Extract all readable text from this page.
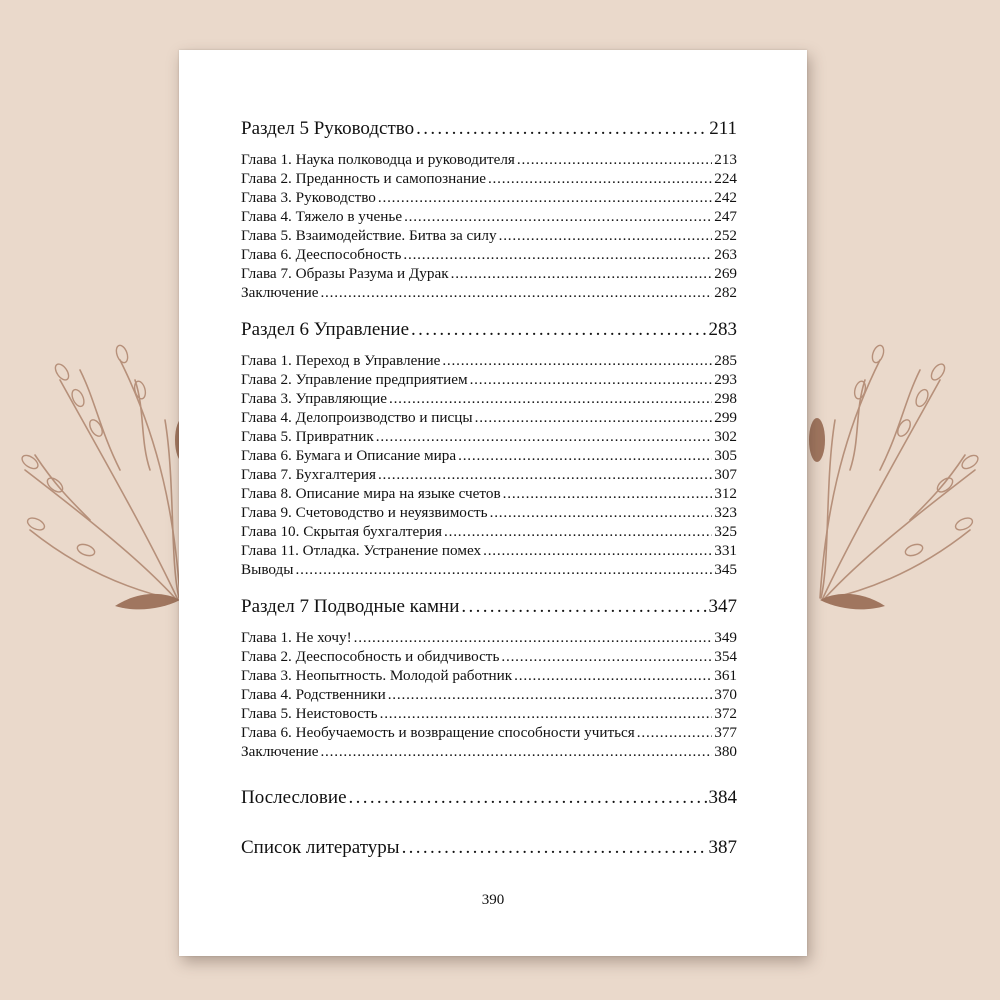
Раздел 5 Руководство . . .	211
Глава 1. Наука полководца и руководителя . . .	213
Глава 2. Преданность и самопознание . . .	224
Глава 3. Руководство . . .	242
Глава 4. Тяжело в ученье . . .	247
Глава 5. Взаимодействие. Битва за силу . . .	252
Глава 6. Дееспособность . . .	263
Глава 7. Образы Разума и Дурак . . .	269
Заключение . . .	282
Раздел 6 Управление . . .	283
Глава 1. Переход в Управление . . .	285
Глава 2. Управление предприятием . . .	293
Глава 3. Управляющие . . .	298
Глава 4. Делопроизводство и писцы . . .	299
Глава 5. Привратник . . .	302
Глава 6. Бумага и Описание мира . . .	305
Глава 7. Бухгалтерия . . .	307
Глава 8. Описание мира на языке счетов . . .	312
Глава 9. Счетоводство и неуязвимость . . .	323
Глава 10. Скрытая бухгалтерия . . .	325
Глава 11. Отладка. Устранение помех . . .	331
Выводы . . .	345
Раздел 7 Подводные камни . . .	347
Глава 1. Не хочу! . . .	349
Глава 2. Дееспособность и обидчивость . . .	354
Глава 3. Неопытность. Молодой работник . . .	361
Глава 4. Родственники . . .	370
Глава 5. Неистовость . . .	372
Глава 6. Необучаемость и возвращение способности учиться . . .	377
Заключение . . .	380
Послесловие . . .	384
Список литературы . . .	387
390
